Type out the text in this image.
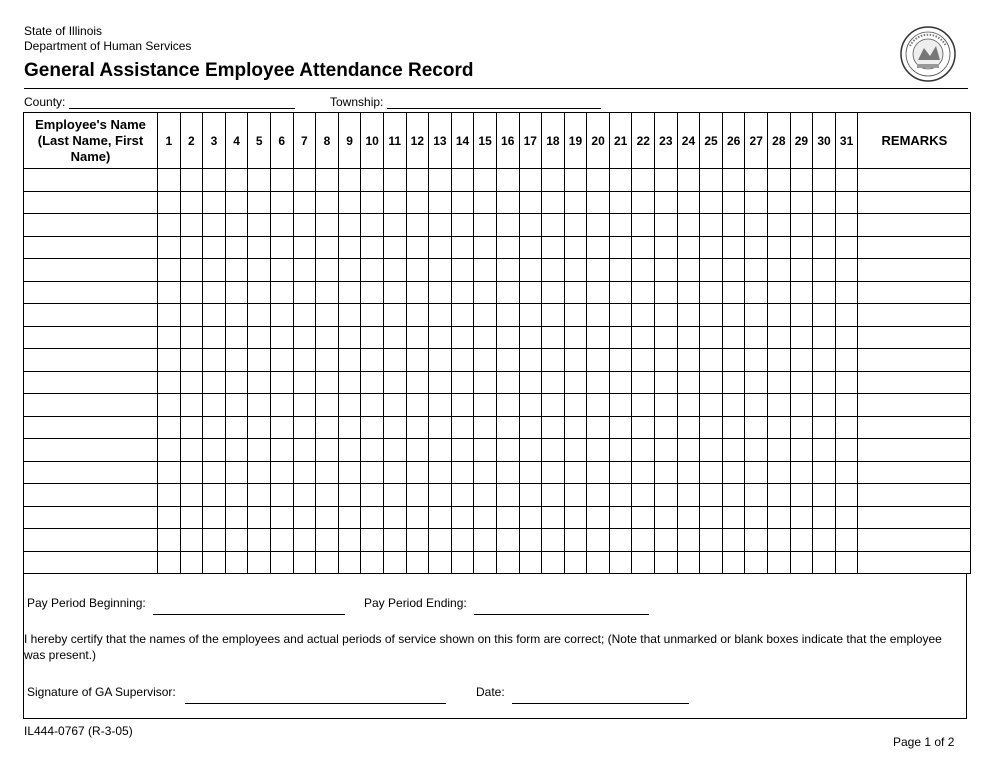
State of Illinois
Department of Human Services
General Assistance Employee Attendance Record
County:	Township:
Employee's Name (Last Name, First Name)	1	2	3	4	5	6	7	8	9	10	11	12	13	14	15	16	17	18	19	20	21	22	23	24	25	26	27	28	29	30	31	REMARKS

Pay Period Beginning:	Pay Period Ending:
I hereby certify that the names of the employees and actual periods of service shown on this form are correct; (Note that unmarked or blank boxes indicate that the employee was present.)
Signature of GA Supervisor:	Date:
IL444-0767 (R-3-05)
Page 1 of 2
